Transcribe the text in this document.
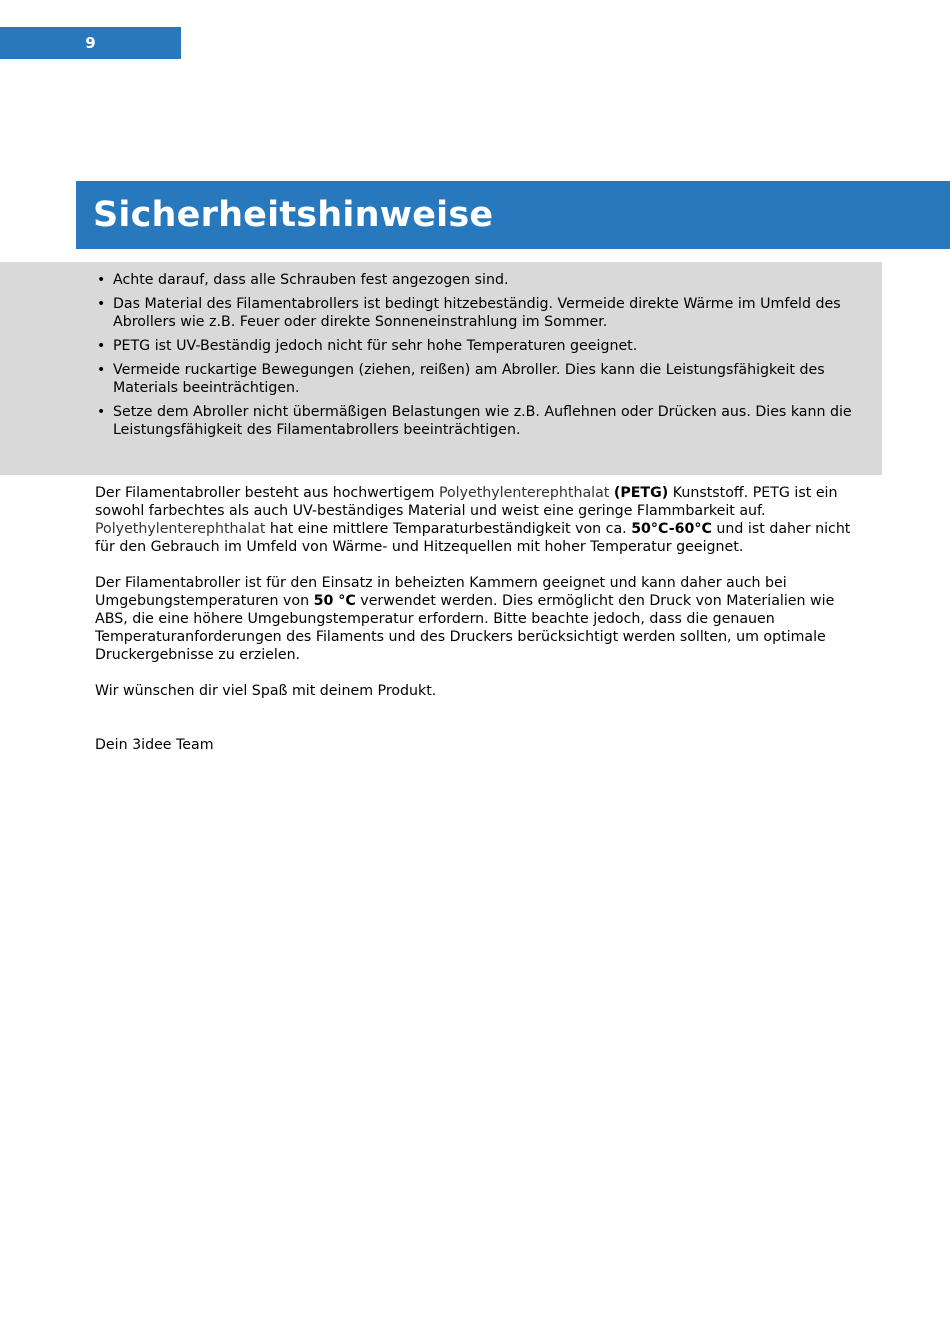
9
Sicherheitshinweise
• Achte darauf, dass alle Schrauben fest angezogen sind.
• Das Material des Filamentabrollers ist bedingt hitzebeständig. Vermeide direkte Wärme im Umfeld des Abrollers wie z.B. Feuer oder direkte Sonneneinstrahlung im Sommer.
• PETG ist UV-Beständig jedoch nicht für sehr hohe Temperaturen geeignet.
• Vermeide ruckartige Bewegungen (ziehen, reißen) am Abroller. Dies kann die Leistungsfähigkeit des Materials beeinträchtigen.
• Setze dem Abroller nicht übermäßigen Belastungen wie z.B. Auflehnen oder Drücken aus. Dies kann die Leistungsfähigkeit des Filamentabrollers beeinträchtigen.

Der Filamentabroller besteht aus hochwertigem Polyethylenterephthalat (PETG) Kunststoff. PETG ist ein sowohl farbechtes als auch UV-beständiges Material und weist eine geringe Flammbarkeit auf. Polyethylenterephthalat hat eine mittlere Temparaturbeständigkeit von ca. 50°C-60°C und ist daher nicht für den Gebrauch im Umfeld von Wärme- und Hitzequellen mit hoher Temperatur geeignet.

Der Filamentabroller ist für den Einsatz in beheizten Kammern geeignet und kann daher auch bei Umgebungstemperaturen von 50 °C verwendet werden. Dies ermöglicht den Druck von Materialien wie ABS, die eine höhere Umgebungstemperatur erfordern. Bitte beachte jedoch, dass die genauen Temperaturanforderungen des Filaments und des Druckers berücksichtigt werden sollten, um optimale Druckergebnisse zu erzielen.

Wir wünschen dir viel Spaß mit deinem Produkt.

Dein 3idee Team
